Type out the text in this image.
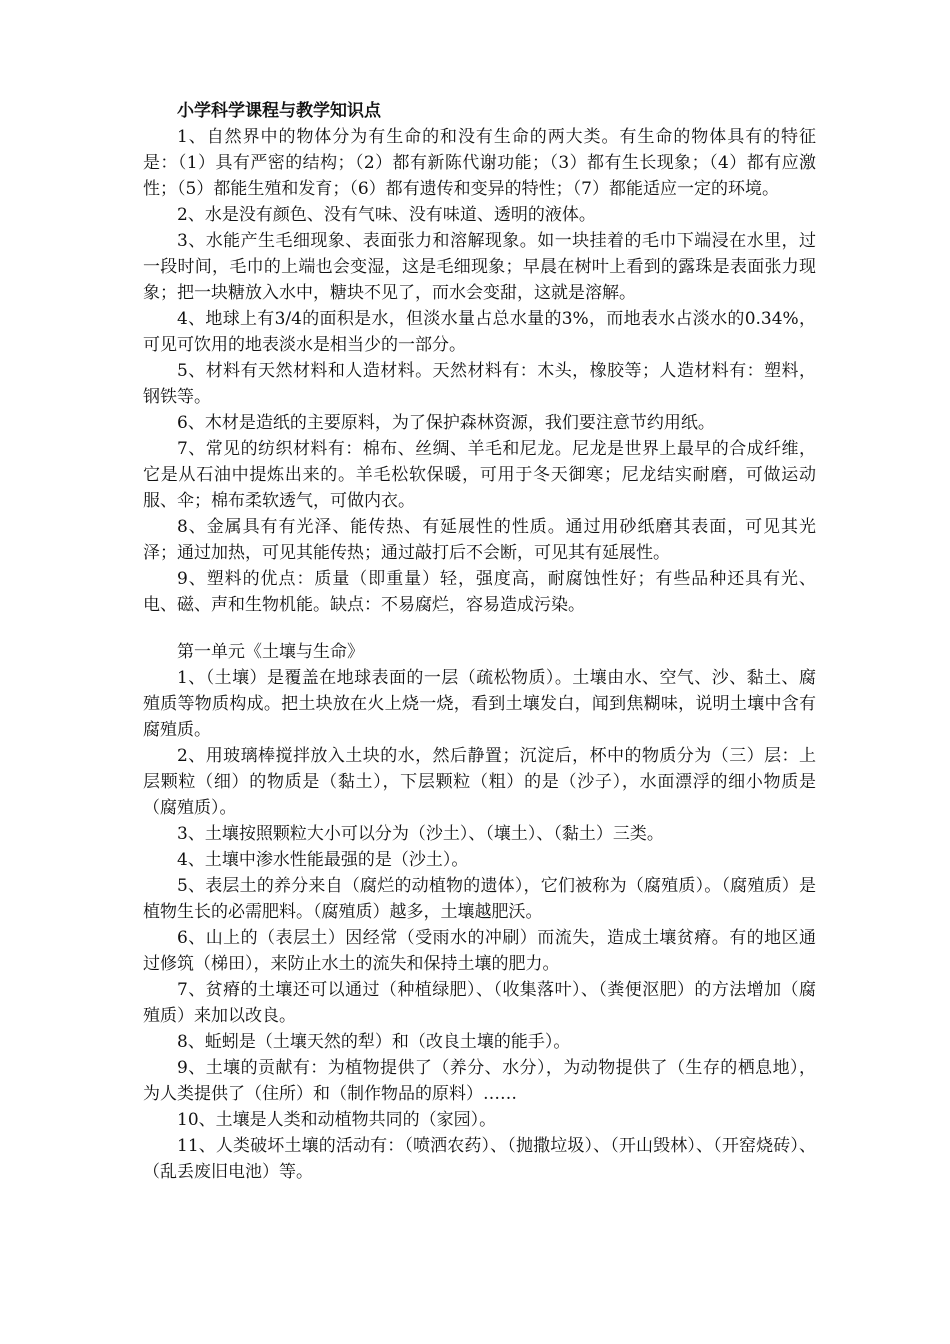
小学科学课程与教学知识点

1、自然界中的物体分为有生命的和没有生命的两大类。有生命的物体具有的特征是：（1）具有严密的结构；（2）都有新陈代谢功能；（3）都有生长现象；（4）都有应激性；（5）都能生殖和发育；（6）都有遗传和变异的特性；（7）都能适应一定的环境。

2、水是没有颜色、没有气味、没有味道、透明的液体。

3、水能产生毛细现象、表面张力和溶解现象。如一块挂着的毛巾下端浸在水里，过一段时间，毛巾的上端也会变湿，这是毛细现象；早晨在树叶上看到的露珠是表面张力现象；把一块糖放入水中，糖块不见了，而水会变甜，这就是溶解。

4、地球上有3/4的面积是水，但淡水量占总水量的3%，而地表水占淡水的0.34%，可见可饮用的地表淡水是相当少的一部分。

5、材料有天然材料和人造材料。天然材料有：木头，橡胶等；人造材料有：塑料，钢铁等。

6、木材是造纸的主要原料，为了保护森林资源，我们要注意节约用纸。

7、常见的纺织材料有：棉布、丝绸、羊毛和尼龙。尼龙是世界上最早的合成纤维，它是从石油中提炼出来的。羊毛松软保暖，可用于冬天御寒；尼龙结实耐磨，可做运动服、伞；棉布柔软透气，可做内衣。

8、金属具有有光泽、能传热、有延展性的性质。通过用砂纸磨其表面，可见其光泽；通过加热，可见其能传热；通过敲打后不会断，可见其有延展性。

9、塑料的优点：质量（即重量）轻，强度高，耐腐蚀性好；有些品种还具有光、电、磁、声和生物机能。缺点：不易腐烂，容易造成污染。

第一单元《土壤与生命》

1、（土壤）是覆盖在地球表面的一层（疏松物质）。土壤由水、空气、沙、黏土、腐殖质等物质构成。把土块放在火上烧一烧，看到土壤发白，闻到焦糊味，说明土壤中含有腐殖质。

2、用玻璃棒搅拌放入土块的水，然后静置；沉淀后，杯中的物质分为（三）层：上层颗粒（细）的物质是（黏土），下层颗粒（粗）的是（沙子），水面漂浮的细小物质是（腐殖质）。

3、土壤按照颗粒大小可以分为（沙土）、（壤土）、（黏土）三类。

4、土壤中渗水性能最强的是（沙土）。

5、表层土的养分来自（腐烂的动植物的遗体），它们被称为（腐殖质）。（腐殖质）是植物生长的必需肥料。（腐殖质）越多，土壤越肥沃。

6、山上的（表层土）因经常（受雨水的冲刷）而流失，造成土壤贫瘠。有的地区通过修筑（梯田），来防止水土的流失和保持土壤的肥力。

7、贫瘠的土壤还可以通过（种植绿肥）、（收集落叶）、（粪便沤肥）的方法增加（腐殖质）来加以改良。

8、蚯蚓是（土壤天然的犁）和（改良土壤的能手）。

9、土壤的贡献有：为植物提供了（养分、水分），为动物提供了（生存的栖息地），为人类提供了（住所）和（制作物品的原料）……

10、土壤是人类和动植物共同的（家园）。

11、人类破坏土壤的活动有：（喷洒农药）、（抛撒垃圾）、（开山毁林）、（开窑烧砖）、（乱丢废旧电池）等。
